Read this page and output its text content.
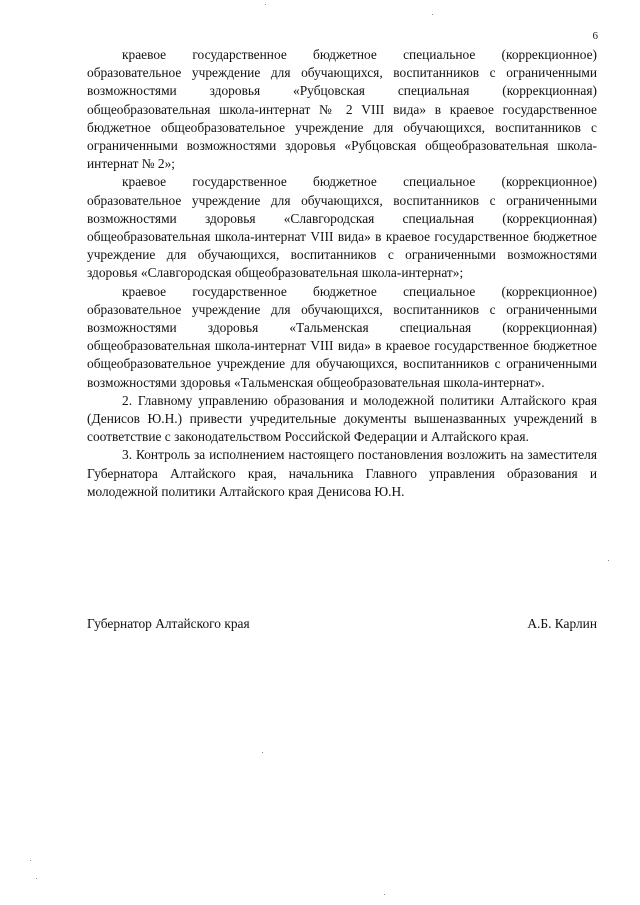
6

краевое государственное бюджетное специальное (коррекционное) образовательное учреждение для обучающихся, воспитанников с ограниченными возможностями здоровья «Рубцовская специальная (коррекционная) общеобразовательная школа-интернат № 2 VIII вида» в краевое государственное бюджетное общеобразовательное учреждение для обучающихся, воспитанников с ограниченными возможностями здоровья «Рубцовская общеобразовательная школа-интернат № 2»;

краевое государственное бюджетное специальное (коррекционное) образовательное учреждение для обучающихся, воспитанников с ограниченными возможностями здоровья «Славгородская специальная (коррекционная) общеобразовательная школа-интернат VIII вида» в краевое государственное бюджетное учреждение для обучающихся, воспитанников с ограниченными возможностями здоровья «Славгородская общеобразовательная школа-интернат»;

краевое государственное бюджетное специальное (коррекционное) образовательное учреждение для обучающихся, воспитанников с ограниченными возможностями здоровья «Тальменская специальная (коррекционная) общеобразовательная школа-интернат VIII вида» в краевое государственное бюджетное общеобразовательное учреждение для обучающихся, воспитанников с ограниченными возможностями здоровья «Тальменская общеобразовательная школа-интернат».

2. Главному управлению образования и молодежной политики Алтайского края (Денисов Ю.Н.) привести учредительные документы вышеназванных учреждений в соответствие с законодательством Российской Федерации и Алтайского края.

3. Контроль за исполнением настоящего постановления возложить на заместителя Губернатора Алтайского края, начальника Главного управления образования и молодежной политики Алтайского края Денисова Ю.Н.

Губернатор Алтайского края	А.Б. Карлин
